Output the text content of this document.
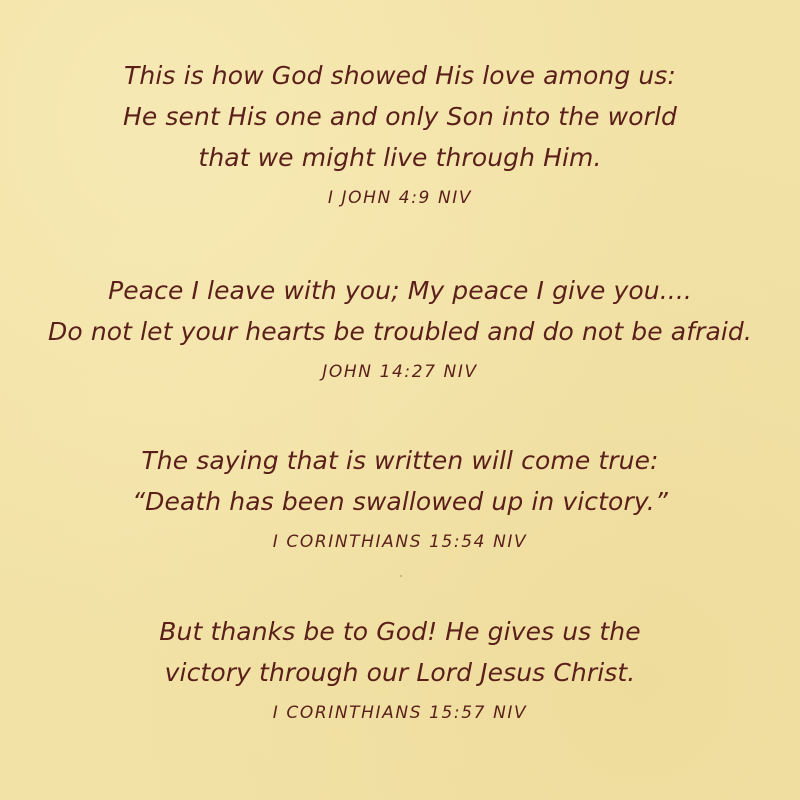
This is how God showed His love among us:
He sent His one and only Son into the world
that we might live through Him.
I JOHN 4:9 NIV
Peace I leave with you; My peace I give you....
Do not let your hearts be troubled and do not be afraid.
JOHN 14:27 NIV
The saying that is written will come true:
“Death has been swallowed up in victory.”
I CORINTHIANS 15:54 NIV
But thanks be to God! He gives us the
victory through our Lord Jesus Christ.
I CORINTHIANS 15:57 NIV
